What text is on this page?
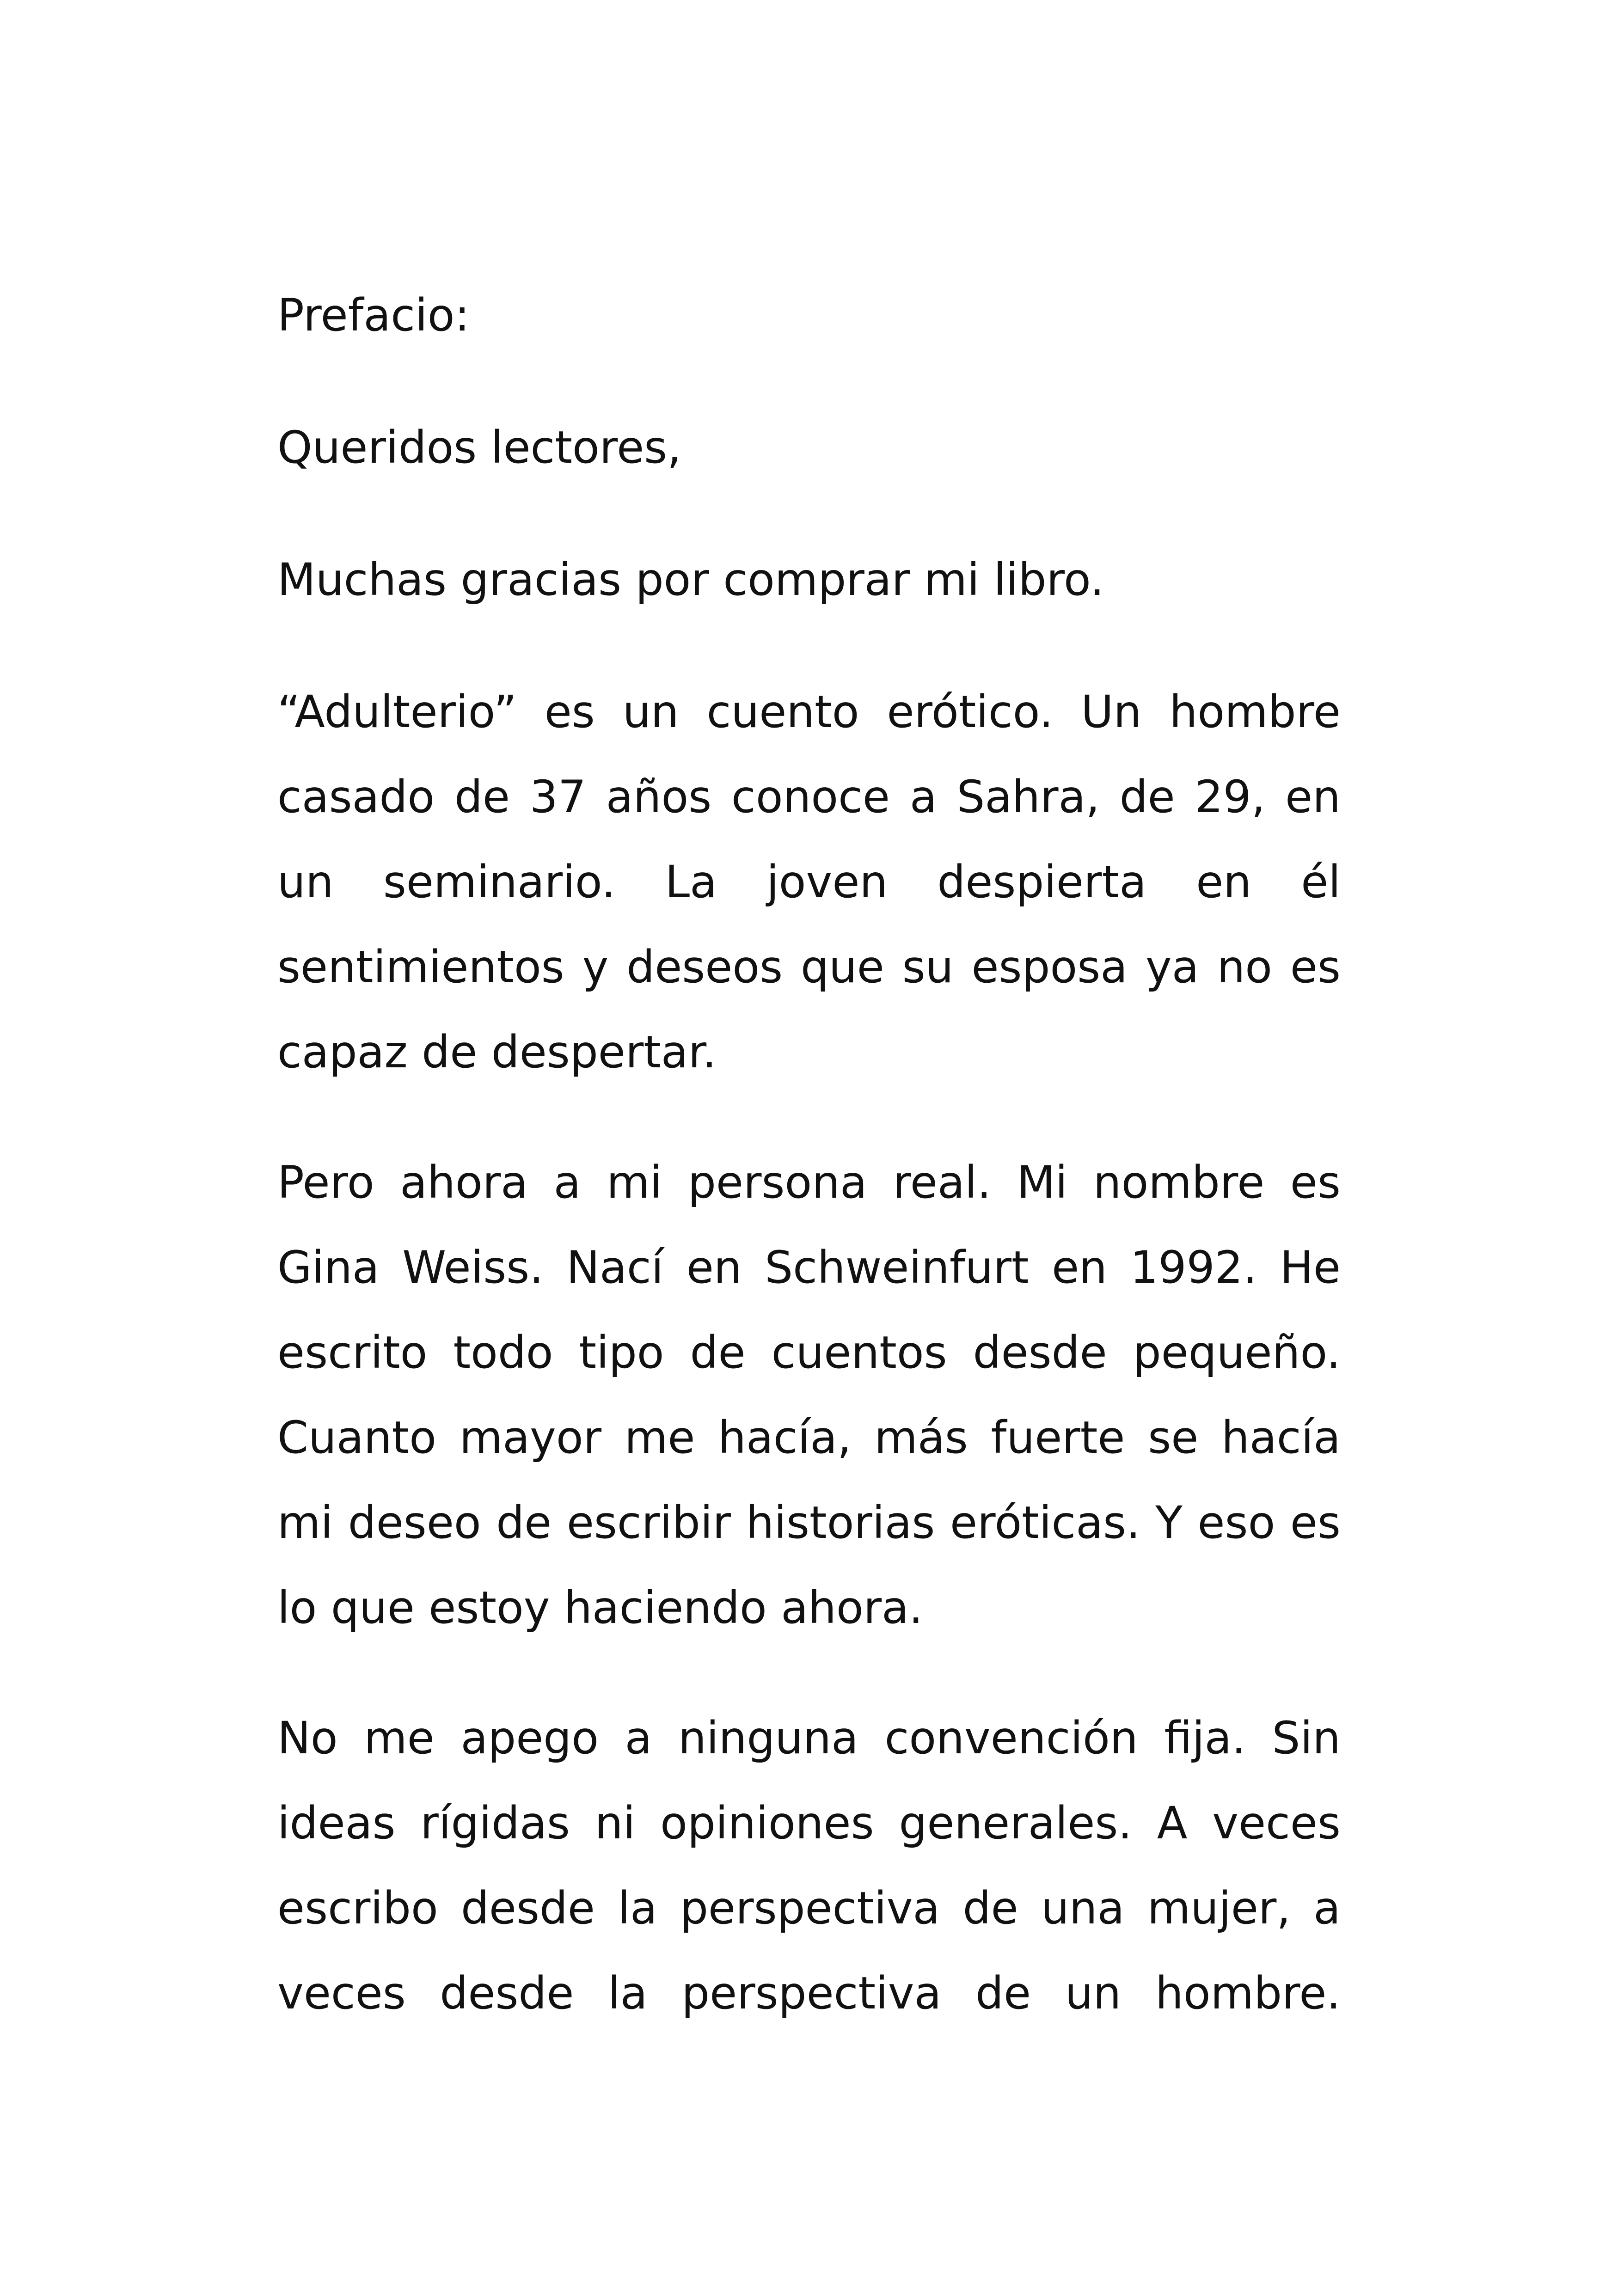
Prefacio:

Queridos lectores,

Muchas gracias por comprar mi libro.

“Adulterio” es un cuento erótico. Un hombre casado de 37 años conoce a Sahra, de 29, en un seminario. La joven despierta en él sentimientos y deseos que su esposa ya no es capaz de despertar.

Pero ahora a mi persona real. Mi nombre es Gina Weiss. Nací en Schweinfurt en 1992. He escrito todo tipo de cuentos desde pequeño. Cuanto mayor me hacía, más fuerte se hacía mi deseo de escribir historias eróticas. Y eso es lo que estoy haciendo ahora.

No me apego a ninguna convención fija. Sin ideas rígidas ni opiniones generales. A veces escribo desde la perspectiva de una mujer, a veces desde la perspectiva de un hombre.
